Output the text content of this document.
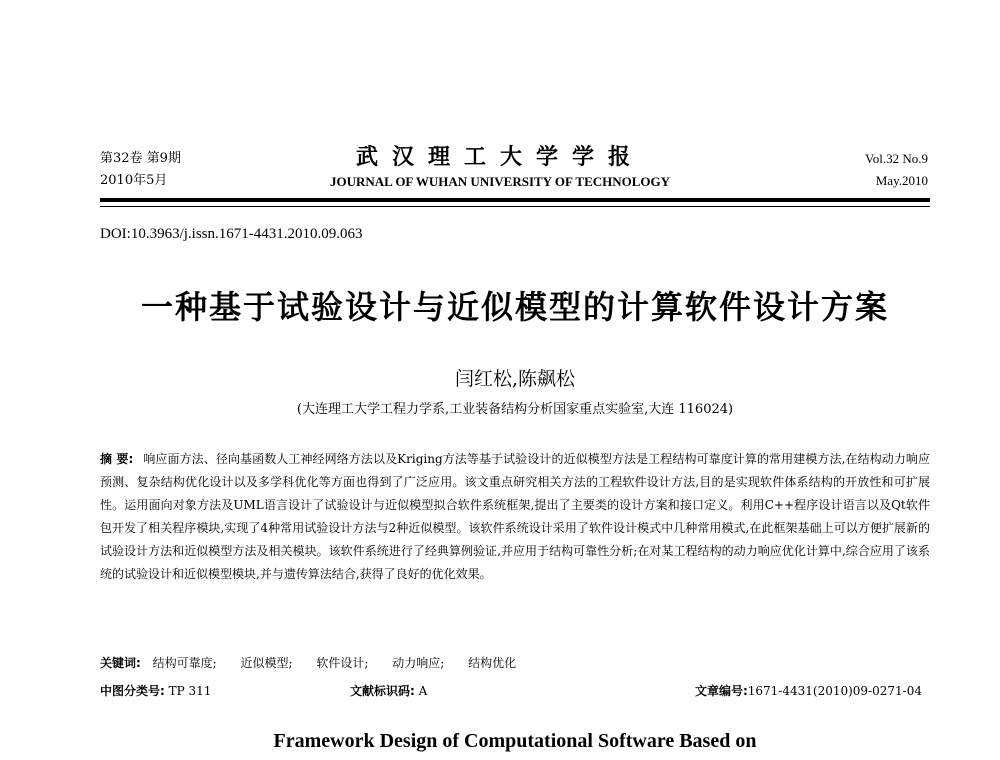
第32卷 第9期
2010年5月
武汉理工大学学报
JOURNAL OF WUHAN UNIVERSITY OF TECHNOLOGY
Vol.32 No.9
May.2010
DOI:10.3963/j.issn.1671-4431.2010.09.063
一种基于试验设计与近似模型的计算软件设计方案
闫红松,陈飙松
(大连理工大学工程力学系,工业装备结构分析国家重点实验室,大连 116024)
摘 要: 响应面方法、径向基函数人工神经网络方法以及Kriging方法等基于试验设计的近似模型方法是工程结构可靠度计算的常用建模方法,在结构动力响应预测、复杂结构优化设计以及多学科优化等方面也得到了广泛应用。该文重点研究相关方法的工程软件设计方法,目的是实现软件体系结构的开放性和可扩展性。运用面向对象方法及UML语言设计了试验设计与近似模型拟合软件系统框架,提出了主要类的设计方案和接口定义。利用C++程序设计语言以及Qt软件包开发了相关程序模块,实现了4种常用试验设计方法与2种近似模型。该软件系统设计采用了软件设计模式中几种常用模式,在此框架基础上可以方便扩展新的试验设计方法和近似模型方法及相关模块。该软件系统进行了经典算例验证,并应用于结构可靠性分析;在对某工程结构的动力响应优化计算中,综合应用了该系统的试验设计和近似模型模块,并与遗传算法结合,获得了良好的优化效果。
关键词: 结构可靠度; 近似模型; 软件设计; 动力响应; 结构优化
中图分类号: TP 311	文献标识码: A	文章编号:1671-4431(2010)09-0271-04
Framework Design of Computational Software Based on
